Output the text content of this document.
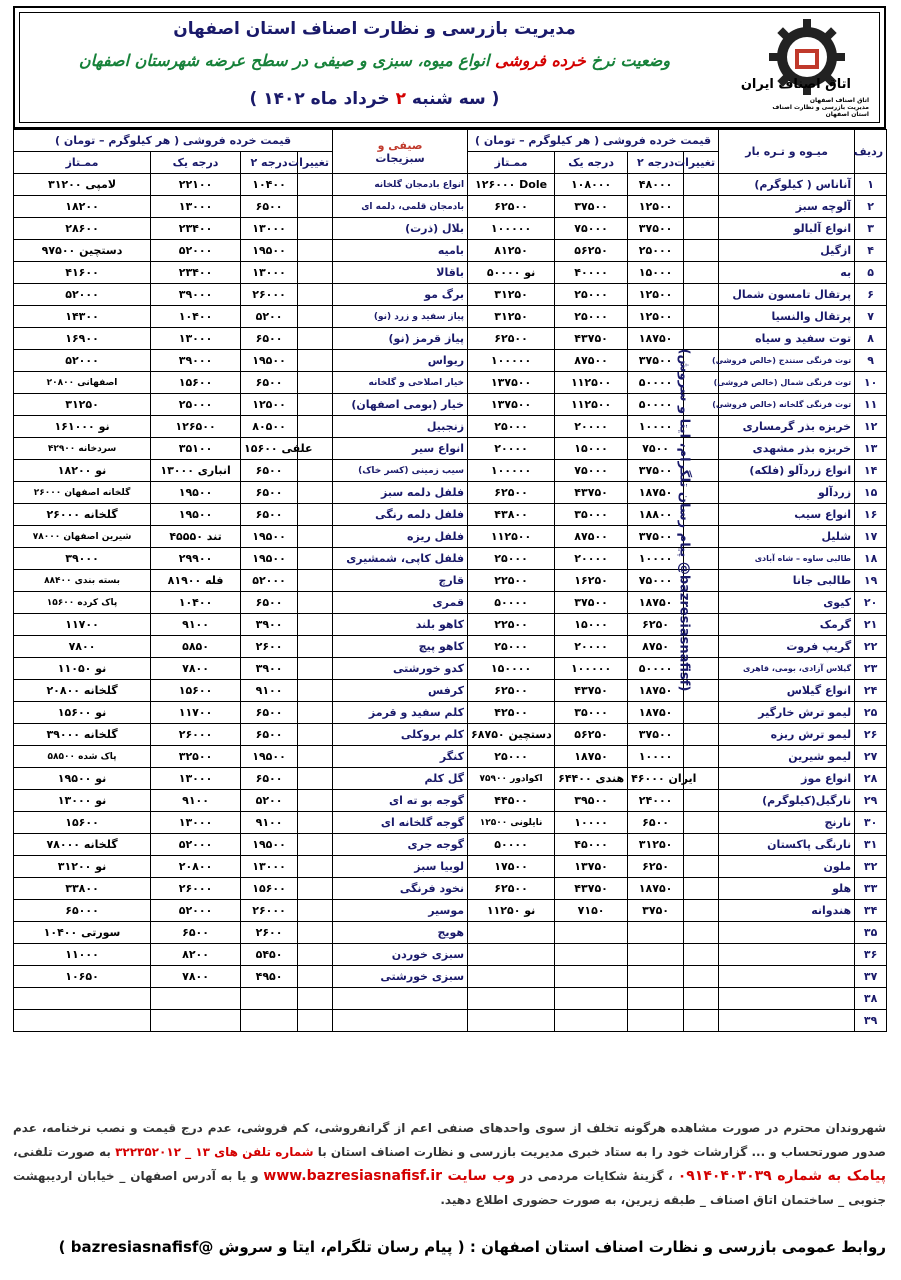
مدیریت بازرسی و نظارت اصناف استان اصفهان
وضعیت نرخ خرده فروشی انواع میوه، سبزی و صیفی در سطح عرضه شهرستان اصفهان
( سه شنبه ۲ خرداد ماه ۱۴۰۲ )
اتاق اصناف ایران
اتاق اصناف اصفهان
مدیریت بازرسی و نظارت اصناف استان اصفهان
ردیف	میـوه و تـره بار	قیمت خرده فروشی ( هر کیلوگرم – تومان )				صیفی و
سبزیجات	قیمت خرده فروشی ( هر کیلوگرم – تومان )			
		تغییرات	درجه ۲	درجه یک	ممـتاز		تغییرات	درجه ۲	درجه یک	ممـتاز
۱	آناناس ( کیلوگرم)		۴۸۰۰۰	۱۰۸۰۰۰	۱۲۶۰۰۰ Dole	انواع بادمجان گلخانه		۱۰۴۰۰	۲۲۱۰۰	لامپی ۳۱۲۰۰
۲	آلوچه سبز		۱۲۵۰۰	۳۷۵۰۰	۶۲۵۰۰	بادمجان قلمی، دلمه ای		۶۵۰۰	۱۳۰۰۰	۱۸۲۰۰
۳	انواع آلبالو		۳۷۵۰۰	۷۵۰۰۰	۱۰۰۰۰۰	بلال (ذرت)		۱۳۰۰۰	۲۳۴۰۰	۲۸۶۰۰
۴	ازگیل		۲۵۰۰۰	۵۶۲۵۰	۸۱۲۵۰	بامیه		۱۹۵۰۰	۵۲۰۰۰	دستچین ۹۷۵۰۰
۵	به		۱۵۰۰۰	۴۰۰۰۰	نو ۵۰۰۰۰	باقالا		۱۳۰۰۰	۲۳۴۰۰	۴۱۶۰۰
۶	پرتقال تامسون شمال		۱۲۵۰۰	۲۵۰۰۰	۳۱۲۵۰	برگ مو		۲۶۰۰۰	۳۹۰۰۰	۵۲۰۰۰
۷	پرتقال والنسیا		۱۲۵۰۰	۲۵۰۰۰	۳۱۲۵۰	پیاز سفید و زرد (نو)		۵۲۰۰	۱۰۴۰۰	۱۴۳۰۰
۸	توت سفید و سیاه		۱۸۷۵۰	۴۳۷۵۰	۶۲۵۰۰	پیاز قرمز (نو)		۶۵۰۰	۱۳۰۰۰	۱۶۹۰۰
۹	توت فرنگی سنندج (خالص فروشی)		۳۷۵۰۰	۸۷۵۰۰	۱۰۰۰۰۰	ریواس		۱۹۵۰۰	۳۹۰۰۰	۵۲۰۰۰
۱۰	توت فرنگی شمال (خالص فروشی)		۵۰۰۰۰	۱۱۲۵۰۰	۱۳۷۵۰۰	خیار اصلاحی و گلخانه		۶۵۰۰	۱۵۶۰۰	۲۰۸۰۰ اصفهانی
۱۱	توت فرنگی گلخانه (خالص فروشی)		۵۰۰۰۰	۱۱۲۵۰۰	۱۳۷۵۰۰	خیار (بومی اصفهان)		۱۲۵۰۰	۲۵۰۰۰	۳۱۲۵۰
۱۲	خربزه بذر گرمساری		۱۰۰۰۰	۲۰۰۰۰	۲۵۰۰۰	زنجبیل		۸۰۵۰۰	۱۲۶۵۰۰	نو ۱۶۱۰۰۰
۱۳	خربزه بذر مشهدی		۷۵۰۰	۱۵۰۰۰	۲۰۰۰۰	انواع سیر		علفی ۱۵۶۰۰	۳۵۱۰۰	سردخانه ۴۲۹۰۰
۱۴	انواع زردآلو (فلکه)		۳۷۵۰۰	۷۵۰۰۰	۱۰۰۰۰۰	سیب زمینی (کسر خاک)		۶۵۰۰	انباری ۱۳۰۰۰	نو ۱۸۲۰۰
۱۵	زردآلو		۱۸۷۵۰	۴۳۷۵۰	۶۲۵۰۰	فلفل دلمه سبز		۶۵۰۰	۱۹۵۰۰	گلخانه اصفهان ۲۶۰۰۰
۱۶	انواع سیب		۱۸۸۰۰	۳۵۰۰۰	۴۳۸۰۰	فلفل دلمه رنگی		۶۵۰۰	۱۹۵۰۰	گلخانه ۲۶۰۰۰
۱۷	شلیل		۳۷۵۰۰	۸۷۵۰۰	۱۱۲۵۰۰	فلفل ریزه		۱۹۵۰۰	تند ۴۵۵۵۰	شیرین اصفهان ۷۸۰۰۰
۱۸	طالبی ساوه – شاه آبادی		۱۰۰۰۰	۲۰۰۰۰	۲۵۰۰۰	فلفل کاپی، شمشیری		۱۹۵۰۰	۲۹۹۰۰	۳۹۰۰۰
۱۹	طالبی جانا		۷۵۰۰۰	۱۶۲۵۰	۲۲۵۰۰	قارچ		۵۲۰۰۰	فله ۸۱۹۰۰	۸۸۴۰۰ بسته بندی
۲۰	کیوی		۱۸۷۵۰	۳۷۵۰۰	۵۰۰۰۰	قمری		۶۵۰۰	۱۰۴۰۰	پاک کرده ۱۵۶۰۰
۲۱	گرمک		۶۲۵۰	۱۵۰۰۰	۲۲۵۰۰	کاهو بلند		۳۹۰۰	۹۱۰۰	۱۱۷۰۰
۲۲	گریپ فروت		۸۷۵۰	۲۰۰۰۰	۲۵۰۰۰	کاهو پیچ		۲۶۰۰	۵۸۵۰	۷۸۰۰
۲۳	گیلاس آزادی، بومی، قاهری		۵۰۰۰۰	۱۰۰۰۰۰	۱۵۰۰۰۰	کدو خورشتی		۳۹۰۰	۷۸۰۰	نو ۱۱۰۵۰
۲۴	انواع گیلاس		۱۸۷۵۰	۴۳۷۵۰	۶۲۵۰۰	کرفس		۹۱۰۰	۱۵۶۰۰	گلخانه ۲۰۸۰۰
۲۵	لیمو ترش خارگیر		۱۸۷۵۰	۳۵۰۰۰	۴۲۵۰۰	کلم سفید و قرمز		۶۵۰۰	۱۱۷۰۰	نو ۱۵۶۰۰
۲۶	لیمو ترش ریزه		۳۷۵۰۰	۵۶۲۵۰	دستچین ۶۸۷۵۰	کلم بروکلی		۶۵۰۰	۲۶۰۰۰	گلخانه ۳۹۰۰۰
۲۷	لیمو شیرین		۱۰۰۰۰	۱۸۷۵۰	۲۵۰۰۰	کنگر		۱۹۵۰۰	۳۲۵۰۰	پاک شده ۵۸۵۰۰
۲۸	انواع موز		ایران ۴۶۰۰۰	هندی ۶۴۴۰۰	اکوادور ۷۵۹۰۰	گل کلم		۶۵۰۰	۱۳۰۰۰	نو ۱۹۵۰۰
۲۹	نارگیل(کیلوگرم)		۲۴۰۰۰	۳۹۵۰۰	۴۴۵۰۰	گوجه بو ته ای		۵۲۰۰	۹۱۰۰	نو ۱۳۰۰۰
۳۰	نارنج		۶۵۰۰	۱۰۰۰۰	نایلونی ۱۲۵۰۰	گوجه گلخانه ای		۹۱۰۰	۱۳۰۰۰	۱۵۶۰۰
۳۱	نارنگی پاکستان		۳۱۲۵۰	۴۵۰۰۰	۵۰۰۰۰	گوجه جری		۱۹۵۰۰	۵۲۰۰۰	گلخانه ۷۸۰۰۰
۳۲	ملون		۶۲۵۰	۱۳۷۵۰	۱۷۵۰۰	لوبیا سبز		۱۳۰۰۰	۲۰۸۰۰	۳۱۲۰۰ نو
۳۳	هلو		۱۸۷۵۰	۴۳۷۵۰	۶۲۵۰۰	نخود فرنگی		۱۵۶۰۰	۲۶۰۰۰	۳۳۸۰۰
۳۴	هندوانه		۳۷۵۰	۷۱۵۰	نو ۱۱۲۵۰	موسیر		۲۶۰۰۰	۵۲۰۰۰	۶۵۰۰۰
۳۵						هویج		۲۶۰۰	۶۵۰۰	سورتی ۱۰۴۰۰
۳۶						سبزی خوردن		۵۴۵۰	۸۲۰۰	۱۱۰۰۰
۳۷						سبزی خورشتی		۴۹۵۰	۷۸۰۰	۱۰۶۵۰
۳۸										
۳۹										
(پیام رسان تلگرام، ایتا و سروش @bazresiasnafisf)
شهروندان محترم در صورت مشاهده هرگونه تخلف از سوی واحدهای صنفی اعم از گرانفروشی، کم فروشی، عدم درج قیمت و نصب نرخنامه، عدم صدور صورتحساب و ... گزارشات خود را به ستاد خبری مدیریت بازرسی و نظارت اصناف استان با شماره تلفن های ۱۳ _ ۳۲۲۳۵۲۰۱۲ به صورت تلفنی، پیامک به شماره ۰۹۱۴۰۴۰۳۰۳۹ ، گزینهٔ شکایات مردمی در وب سایت www.bazresiasnafisf.ir و یا به آدرس اصفهان _ خیابان اردیبهشت جنوبی _ ساختمان اتاق اصناف _ طبقه زیرین، به صورت حضوری اطلاع دهید.
روابط عمومی بازرسی و نظارت اصناف استان اصفهان : ( پیام رسان تلگرام، ایتا و سروش @bazresiasnafisf )
